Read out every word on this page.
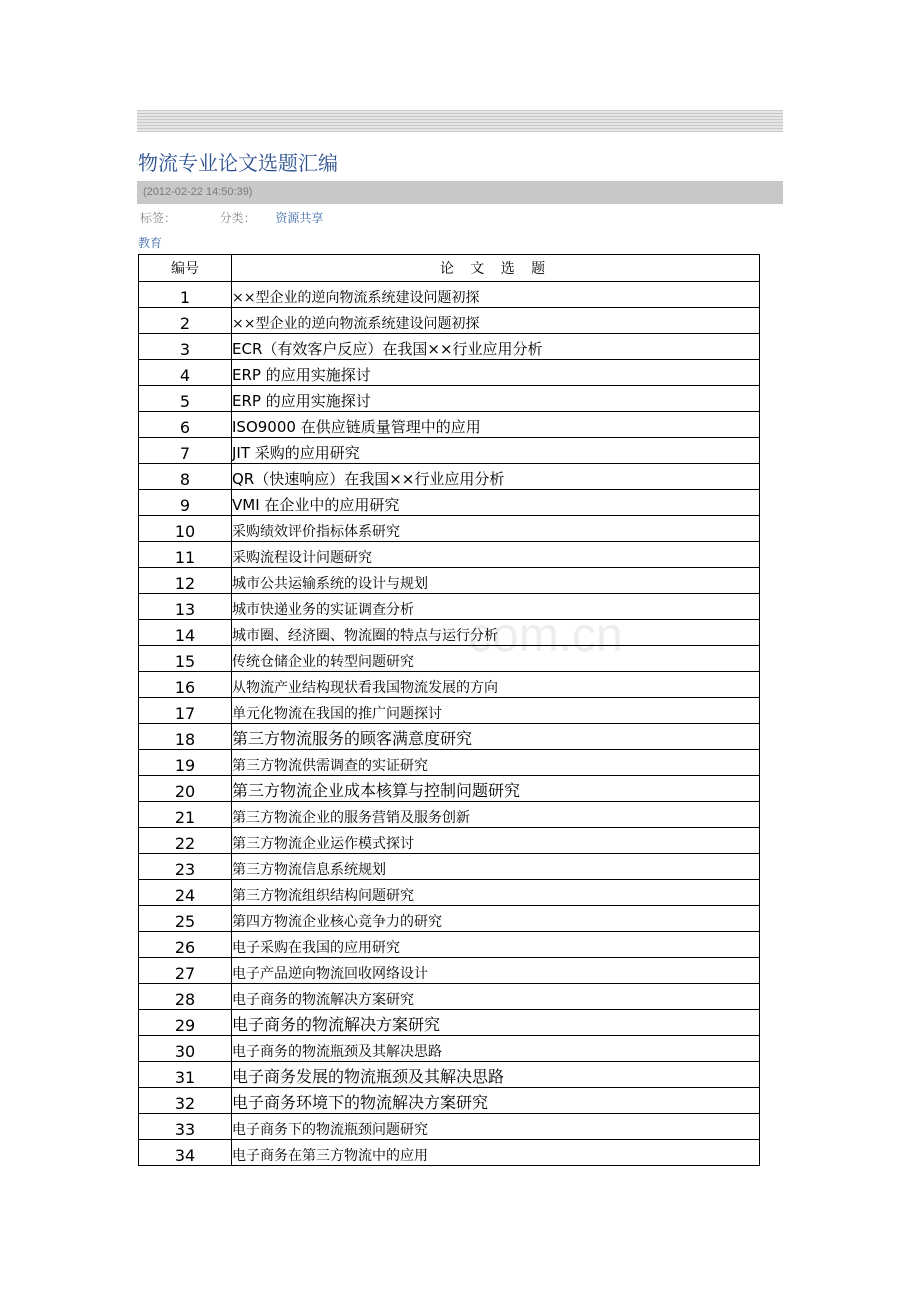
物流专业论文选题汇编
(2012-02-22 14:50:39)
标签：	分类： 资源共享
教育
编号	论 文 选 题
1	××型企业的逆向物流系统建设问题初探
2	××型企业的逆向物流系统建设问题初探
3	ECR（有效客户反应）在我国××行业应用分析
4	ERP 的应用实施探讨
5	ERP 的应用实施探讨
6	ISO9000 在供应链质量管理中的应用
7	JIT 采购的应用研究
8	QR（快速响应）在我国××行业应用分析
9	VMI 在企业中的应用研究
10	采购绩效评价指标体系研究
11	采购流程设计问题研究
12	城市公共运输系统的设计与规划
13	城市快递业务的实证调查分析
14	城市圈、经济圈、物流圈的特点与运行分析
15	传统仓储企业的转型问题研究
16	从物流产业结构现状看我国物流发展的方向
17	单元化物流在我国的推广问题探讨
18	第三方物流服务的顾客满意度研究
19	第三方物流供需调查的实证研究
20	第三方物流企业成本核算与控制问题研究
21	第三方物流企业的服务营销及服务创新
22	第三方物流企业运作模式探讨
23	第三方物流信息系统规划
24	第三方物流组织结构问题研究
25	第四方物流企业核心竞争力的研究
26	电子采购在我国的应用研究
27	电子产品逆向物流回收网络设计
28	电子商务的物流解决方案研究
29	电子商务的物流解决方案研究
30	电子商务的物流瓶颈及其解决思路
31	电子商务发展的物流瓶颈及其解决思路
32	电子商务环境下的物流解决方案研究
33	电子商务下的物流瓶颈问题研究
34	电子商务在第三方物流中的应用
com.cn
